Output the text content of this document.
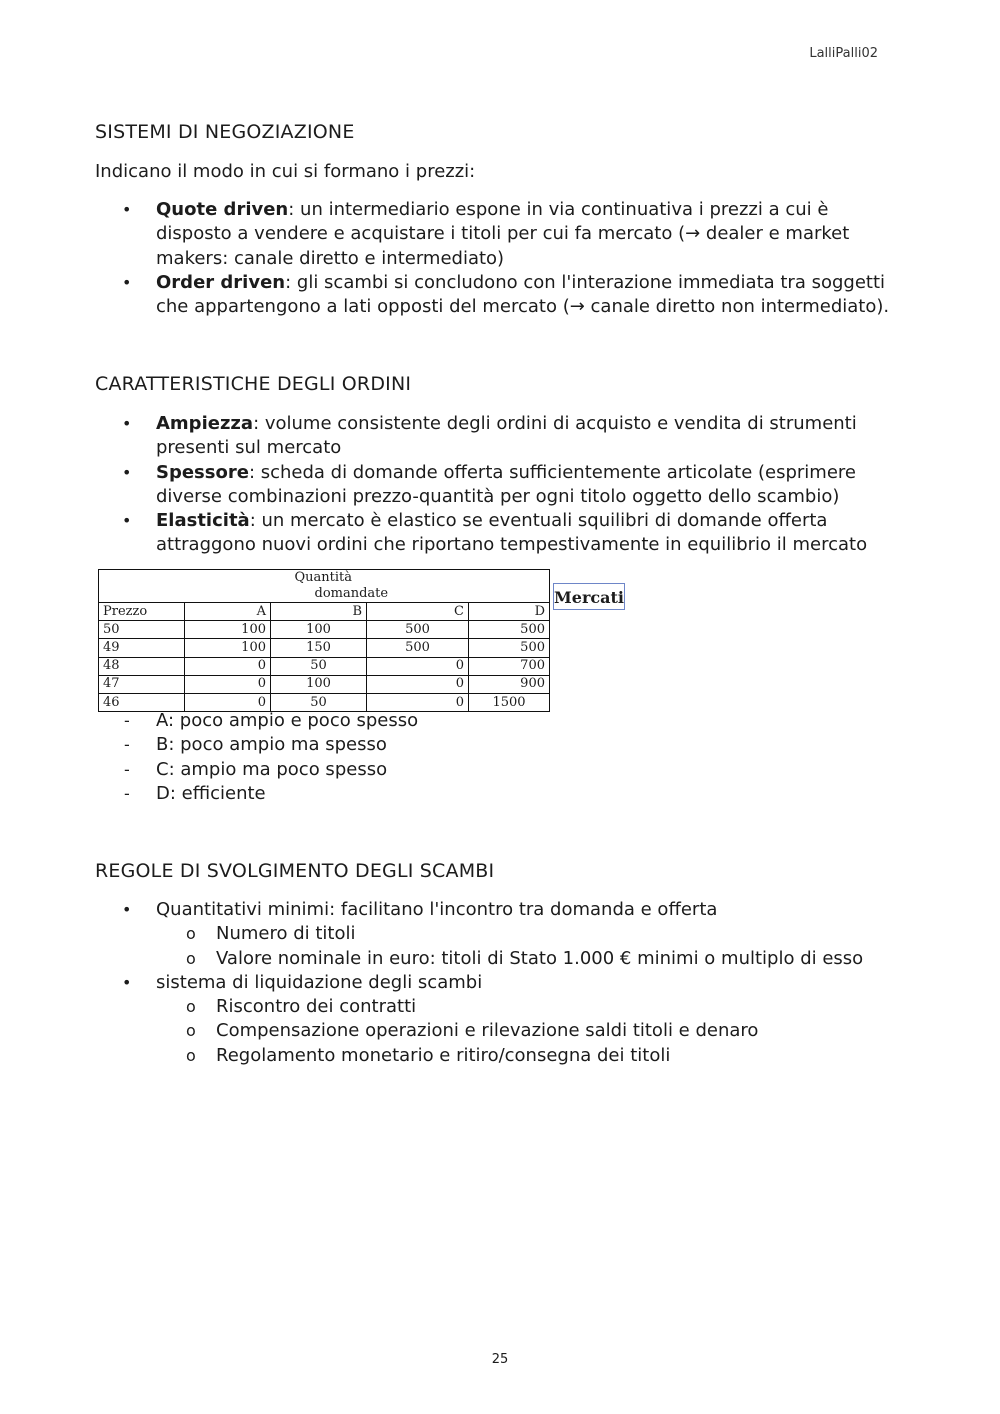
LalliPalli02
SISTEMI DI NEGOZIAZIONE
Indicano il modo in cui si formano i prezzi:
• Quote driven: un intermediario espone in via continuativa i prezzi a cui è disposto a vendere e acquistare i titoli per cui fa mercato (→ dealer e market makers: canale diretto e intermediato)
• Order driven: gli scambi si concludono con l'interazione immediata tra soggetti che appartengono a lati opposti del mercato (→ canale diretto non intermediato).
CARATTERISTICHE DEGLI ORDINI
• Ampiezza: volume consistente degli ordini di acquisto e vendita di strumenti presenti sul mercato
• Spessore: scheda di domande offerta sufficientemente articolate (esprimere diverse combinazioni prezzo-quantità per ogni titolo oggetto dello scambio)
• Elasticità: un mercato è elastico se eventuali squilibri di domande offerta attraggono nuovi ordini che riportano tempestivamente in equilibrio il mercato
		Quantità domandate		
Prezzo	A	B	C	D
50	100	100	500	500
49	100	150	500	500
48	0	50	0	700
47	0	100	0	900
46	0	50	0	1500
Mercati
- A: poco ampio e poco spesso
- B: poco ampio ma spesso
- C: ampio ma poco spesso
- D: efficiente
REGOLE DI SVOLGIMENTO DEGLI SCAMBI
• Quantitativi minimi: facilitano l'incontro tra domanda e offerta
o Numero di titoli
o Valore nominale in euro: titoli di Stato 1.000 € minimi o multiplo di esso
• sistema di liquidazione degli scambi
o Riscontro dei contratti
o Compensazione operazioni e rilevazione saldi titoli e denaro
o Regolamento monetario e ritiro/consegna dei titoli
25
